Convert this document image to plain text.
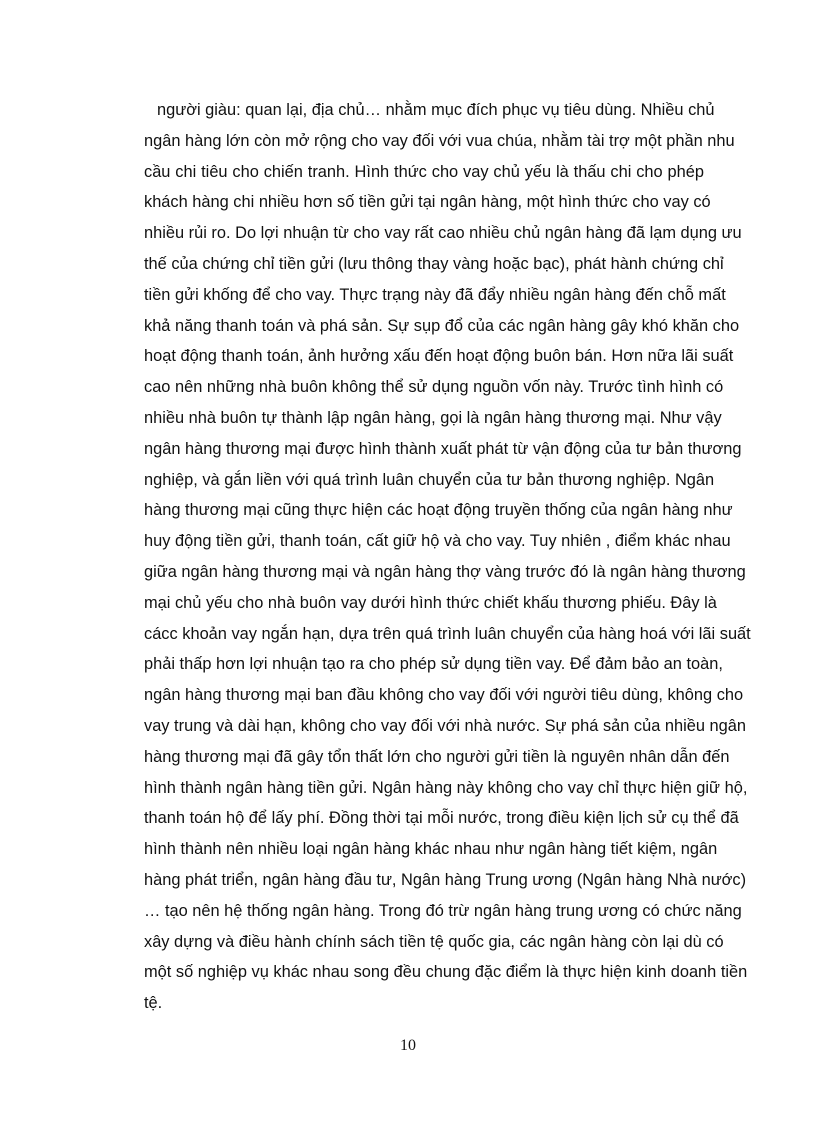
người giàu: quan lại, địa chủ… nhằm mục đích phục vụ tiêu dùng. Nhiều chủ
ngân hàng lớn còn mở rộng cho vay đối với vua chúa, nhằm tài trợ một phần nhu
cầu chi tiêu cho chiến tranh. Hình thức cho vay chủ yếu là thấu chi cho phép
khách hàng chi nhiều hơn số tiền gửi tại ngân hàng, một hình thức cho vay có
nhiều rủi ro. Do lợi nhuận từ cho vay rất cao nhiều chủ ngân hàng đã lạm dụng ưu
thế của chứng chỉ tiền gửi (lưu thông thay vàng hoặc bạc), phát hành chứng chỉ
tiền gửi khống để cho vay. Thực trạng này đã đẩy nhiều ngân hàng đến chỗ mất
khả năng thanh toán và phá sản. Sự sụp đổ của các ngân hàng gây khó khăn cho
hoạt động thanh toán, ảnh hưởng xấu đến hoạt động buôn bán. Hơn nữa lãi suất
cao nên những nhà buôn không thể sử dụng nguồn vốn này. Trước tình hình có
nhiều nhà buôn tự thành lập ngân hàng, gọi là ngân hàng thương mại. Như vậy
ngân hàng thương mại được hình thành xuất phát từ vận động của tư bản thương
nghiệp, và gắn liền với quá trình luân chuyển của tư bản thương nghiệp. Ngân
hàng thương mại cũng thực hiện các hoạt động truyền thống của ngân hàng như
huy động tiền gửi, thanh toán, cất giữ hộ và cho vay. Tuy nhiên , điểm khác nhau
giữa ngân hàng thương mại và ngân hàng thợ vàng trước đó là ngân hàng thương
mại chủ yếu cho nhà buôn vay dưới hình thức chiết khấu thương phiếu. Đây là
cácc khoản vay ngắn hạn, dựa trên quá trình luân chuyển của hàng hoá với lãi suất
phải thấp hơn lợi nhuận tạo ra cho phép sử dụng tiền vay. Để đảm bảo an toàn,
ngân hàng thương mại ban đầu không cho vay đối với người tiêu dùng, không cho
vay trung và dài hạn, không cho vay đối với nhà nước. Sự phá sản của nhiều ngân
hàng thương mại đã gây tổn thất lớn cho người gửi tiền là nguyên nhân dẫn đến
hình thành ngân hàng tiền gửi. Ngân hàng này không cho vay chỉ thực hiện giữ hộ,
thanh toán hộ để lấy phí. Đồng thời tại mỗi nước, trong điều kiện lịch sử cụ thể đã
hình thành nên nhiều loại ngân hàng khác nhau như ngân hàng tiết kiệm, ngân
hàng phát triển, ngân hàng đầu tư, Ngân hàng Trung ương (Ngân hàng Nhà nước)
… tạo nên hệ thống ngân hàng. Trong đó trừ ngân hàng trung ương có chức năng
xây dựng và điều hành chính sách tiền tệ quốc gia, các ngân hàng còn lại dù có
một số nghiệp vụ khác nhau song đều chung đặc điểm là thực hiện kinh doanh tiền
tệ.
10
